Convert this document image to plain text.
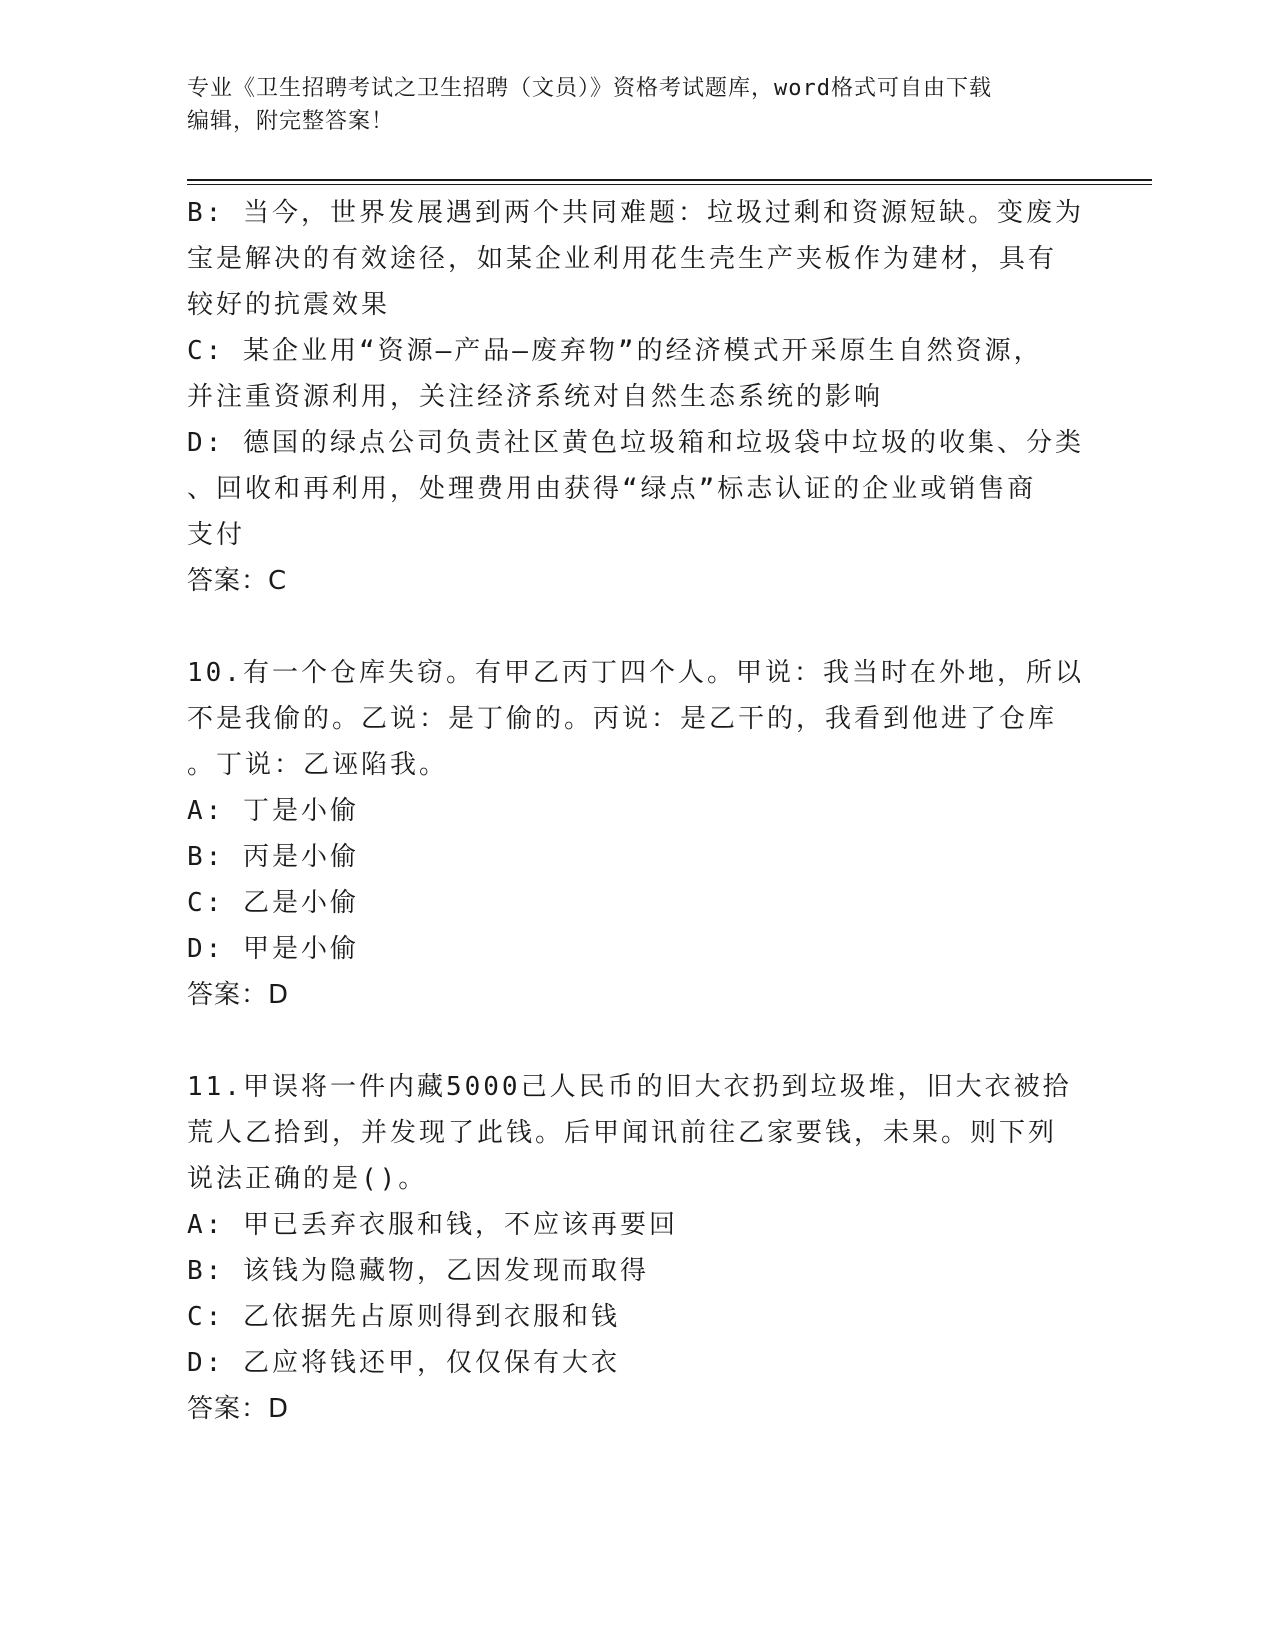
专业《卫生招聘考试之卫生招聘（文员）》资格考试题库，word格式可自由下载
编辑，附完整答案！
B: 当今，世界发展遇到两个共同难题：垃圾过剩和资源短缺。变废为
宝是解决的有效途径，如某企业利用花生壳生产夹板作为建材，具有
较好的抗震效果
C: 某企业用“资源—产品—废弃物”的经济模式开采原生自然资源，
并注重资源利用，关注经济系统对自然生态系统的影响
D: 德国的绿点公司负责社区黄色垃圾箱和垃圾袋中垃圾的收集、分类
、回收和再利用，处理费用由获得“绿点”标志认证的企业或销售商
支付
答案：C
10.有一个仓库失窃。有甲乙丙丁四个人。甲说：我当时在外地，所以
不是我偷的。乙说：是丁偷的。丙说：是乙干的，我看到他进了仓库
。丁说：乙诬陷我。
A: 丁是小偷
B: 丙是小偷
C: 乙是小偷
D: 甲是小偷
答案：D
11.甲误将一件内藏5000己人民币的旧大衣扔到垃圾堆，旧大衣被拾
荒人乙拾到，并发现了此钱。后甲闻讯前往乙家要钱，未果。则下列
说法正确的是()。
A: 甲已丢弃衣服和钱，不应该再要回
B: 该钱为隐藏物，乙因发现而取得
C: 乙依据先占原则得到衣服和钱
D: 乙应将钱还甲，仅仅保有大衣
答案：D
